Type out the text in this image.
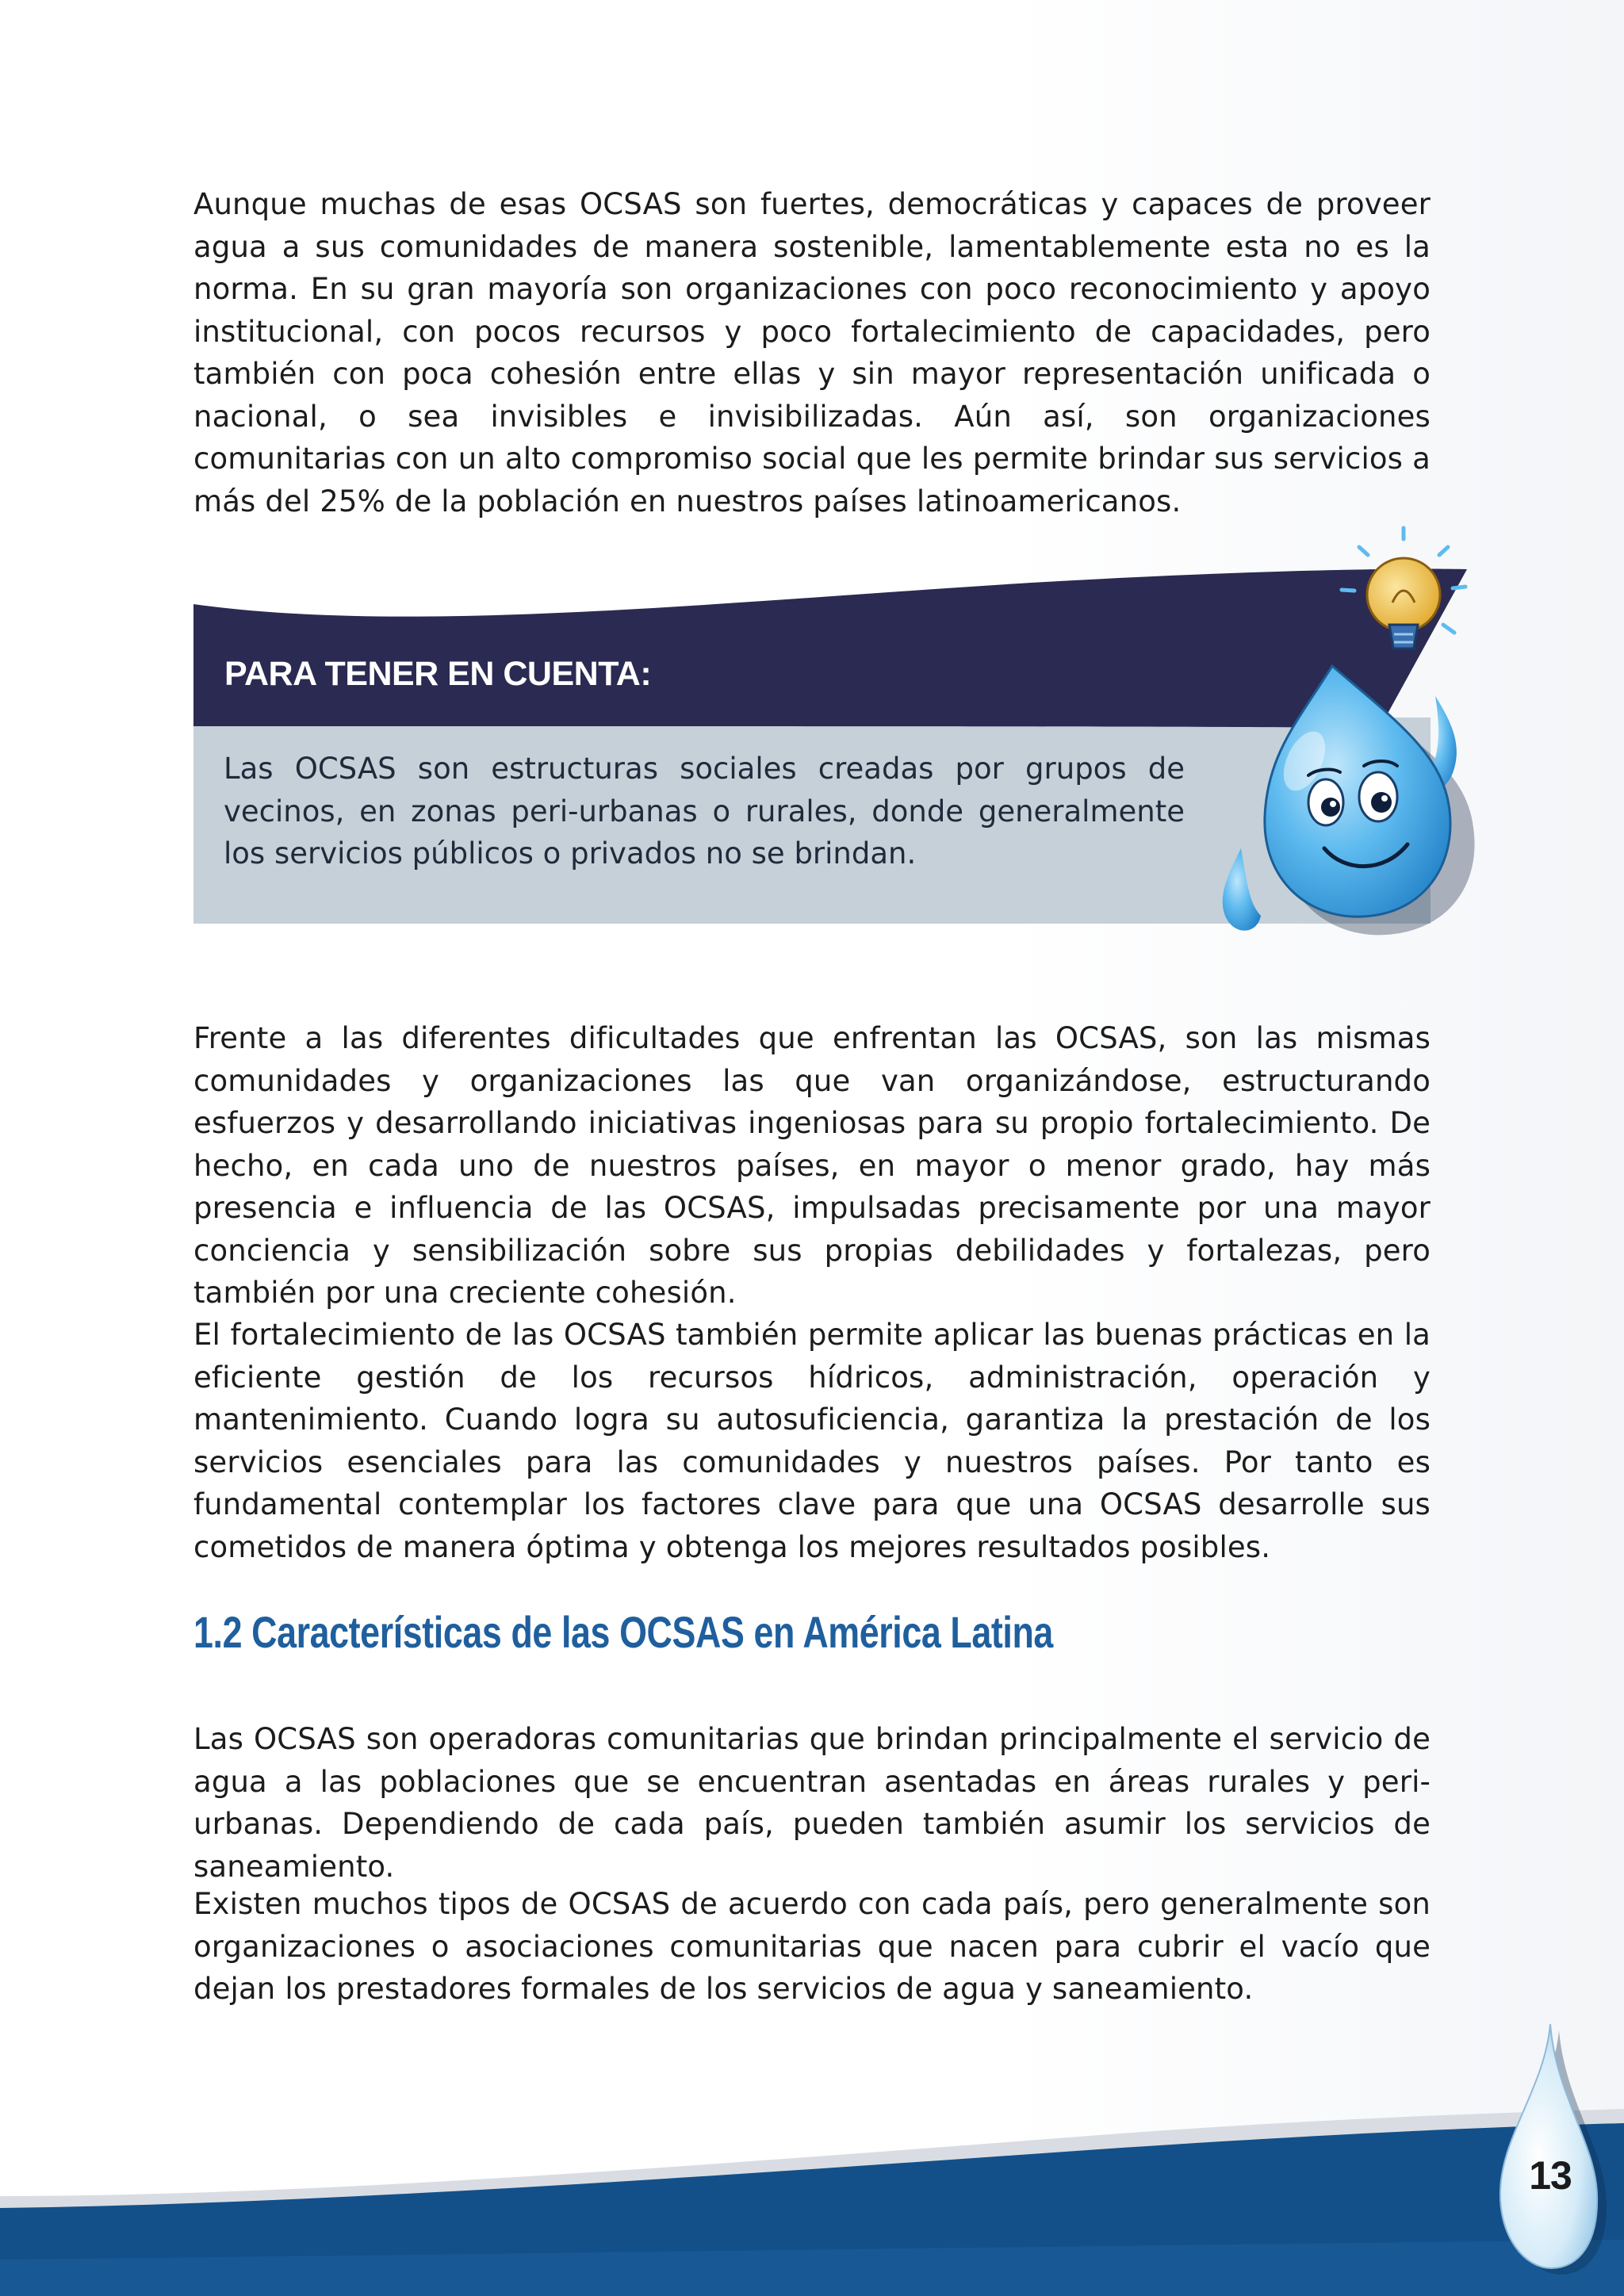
Aunque muchas de esas OCSAS son fuertes, democráticas y capaces de proveer agua a sus comunidades de manera sostenible, lamentablemente esta no es la norma. En su gran mayoría son organizaciones con poco reconocimiento y apoyo institucional, con pocos recursos y poco fortalecimiento de capacidades, pero también con poca cohesión entre ellas y sin mayor representación unificada o nacional, o sea invisibles e invisibilizadas. Aún así, son organizaciones comunitarias con un alto compromiso social que les permite brindar sus servicios a más del 25% de la población en nuestros países latinoamericanos.

PARA TENER EN CUENTA:

Las OCSAS son estructuras sociales creadas por grupos de vecinos, en zonas peri-urbanas o rurales, donde generalmente los servicios públicos o privados no se brindan.

Frente a las diferentes dificultades que enfrentan las OCSAS, son las mismas comunidades y organizaciones las que van organizándose, estructurando esfuerzos y desarrollando iniciativas ingeniosas para su propio fortalecimiento. De hecho, en cada uno de nuestros países, en mayor o menor grado, hay más presencia e influencia de las OCSAS, impulsadas precisamente por una mayor conciencia y sensibilización sobre sus propias debilidades y fortalezas, pero también por una creciente cohesión.

El fortalecimiento de las OCSAS también permite aplicar las buenas prácticas en la eficiente gestión de los recursos hídricos, administración, operación y mantenimiento. Cuando logra su autosuficiencia, garantiza la prestación de los servicios esenciales para las comunidades y nuestros países. Por tanto es fundamental contemplar los factores clave para que una OCSAS desarrolle sus cometidos de manera óptima y obtenga los mejores resultados posibles.

1.2 Características de las OCSAS en América Latina

Las OCSAS son operadoras comunitarias que brindan principalmente el servicio de agua a las poblaciones que se encuentran asentadas en áreas rurales y peri-urbanas. Dependiendo de cada país, pueden también asumir los servicios de saneamiento.

Existen muchos tipos de OCSAS de acuerdo con cada país, pero generalmente son organizaciones o asociaciones comunitarias que nacen para cubrir el vacío que dejan los prestadores formales de los servicios de agua y saneamiento.

13
